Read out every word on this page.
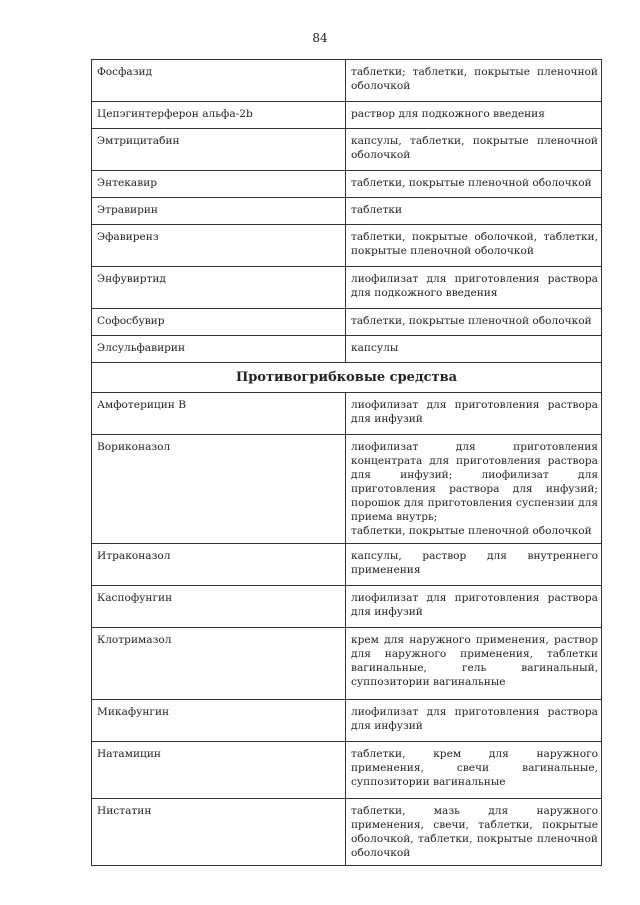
84
Фосфазид	таблетки; таблетки, покрытые пленочной оболочкой
Цепэгинтерферон альфа-2b	раствор для подкожного введения
Эмтрицитабин	капсулы, таблетки, покрытые пленочной оболочкой
Энтекавир	таблетки, покрытые пленочной оболочкой
Этравирин	таблетки
Эфавиренз	таблетки, покрытые оболочкой, таблетки, покрытые пленочной оболочкой
Энфувиртид	лиофилизат для приготовления раствора для подкожного введения
Софосбувир	таблетки, покрытые пленочной оболочкой
Элсульфавирин	капсулы
Противогрибковые средства	
Амфотерицин B	лиофилизат для приготовления раствора для инфузий
Вориконазол	лиофилизат для приготовления концентрата для приготовления раствора для инфузий; лиофилизат для приготовления раствора для инфузий; порошок для приготовления суспензии для приема внутрь;
таблетки, покрытые пленочной оболочкой
Итраконазол	капсулы, раствор для внутреннего применения
Каспофунгин	лиофилизат для приготовления раствора для инфузий
Клотримазол	крем для наружного применения, раствор для наружного применения, таблетки вагинальные, гель вагинальный, суппозитории вагинальные
Микафунгин	лиофилизат для приготовления раствора для инфузий
Натамицин	таблетки, крем для наружного применения, свечи вагинальные, суппозитории вагинальные
Нистатин	таблетки, мазь для наружного применения, свечи, таблетки, покрытые оболочкой, таблетки, покрытые пленочной оболочкой
